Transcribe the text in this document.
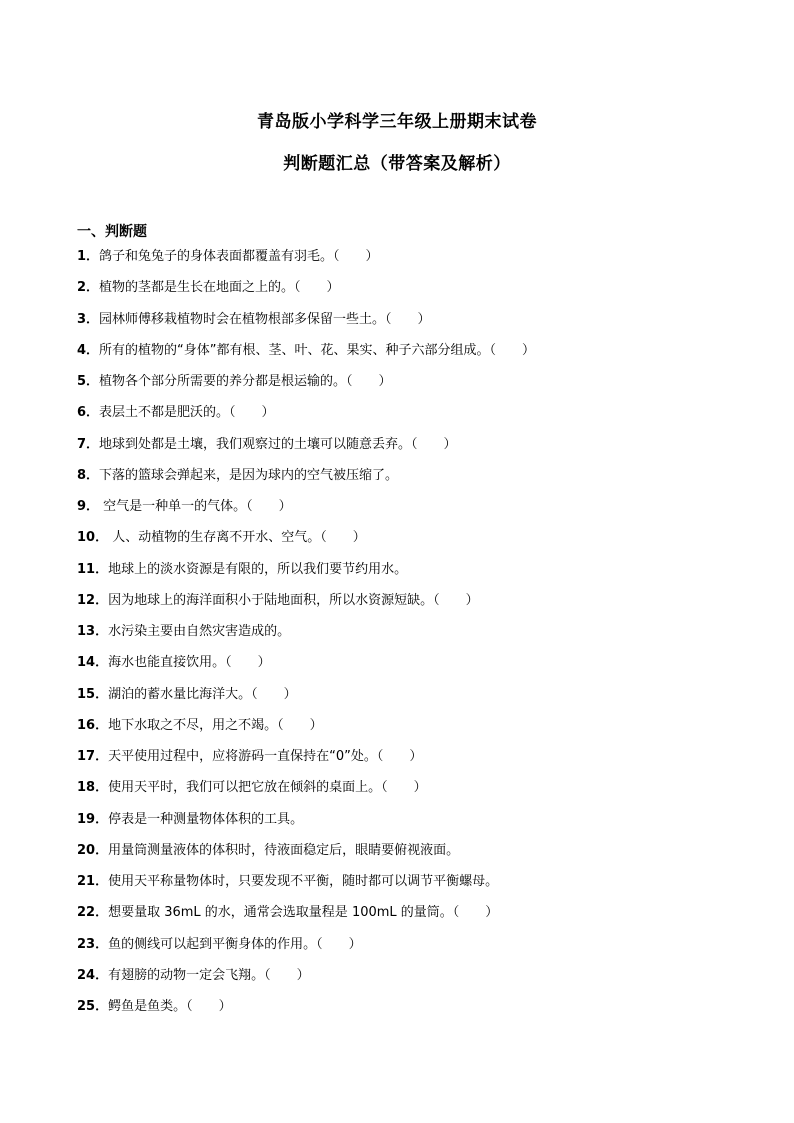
青岛版小学科学三年级上册期末试卷
判断题汇总（带答案及解析）
一、判断题
1．鸽子和兔兔子的身体表面都覆盖有羽毛。（　　）
2．植物的茎都是生长在地面之上的。（　　）
3．园林师傅移栽植物时会在植物根部多保留一些土。（　　）
4．所有的植物的“身体”都有根、茎、叶、花、果实、种子六部分组成。（　　）
5．植物各个部分所需要的养分都是根运输的。（　　）
6．表层土不都是肥沃的。（　　）
7．地球到处都是土壤，我们观察过的土壤可以随意丢弃。（　　）
8．下落的篮球会弹起来，是因为球内的空气被压缩了。
9． 空气是一种单一的气体。（　　）
10． 人、动植物的生存离不开水、空气。（　　）
11．地球上的淡水资源是有限的，所以我们要节约用水。
12．因为地球上的海洋面积小于陆地面积，所以水资源短缺。（　　）
13．水污染主要由自然灾害造成的。
14．海水也能直接饮用。（　　）
15．湖泊的蓄水量比海洋大。（　　）
16．地下水取之不尽，用之不竭。（　　）
17．天平使用过程中，应将游码一直保持在“0”处。（　　）
18．使用天平时，我们可以把它放在倾斜的桌面上。（　　）
19．停表是一种测量物体体积的工具。
20．用量筒测量液体的体积时，待液面稳定后，眼睛要俯视液面。
21．使用天平称量物体时，只要发现不平衡，随时都可以调节平衡螺母。
22．想要量取 36mL 的水，通常会选取量程是 100mL 的量筒。（　　）
23．鱼的侧线可以起到平衡身体的作用。（　　）
24．有翅膀的动物一定会飞翔。（　　）
25．鳄鱼是鱼类。（　　）
